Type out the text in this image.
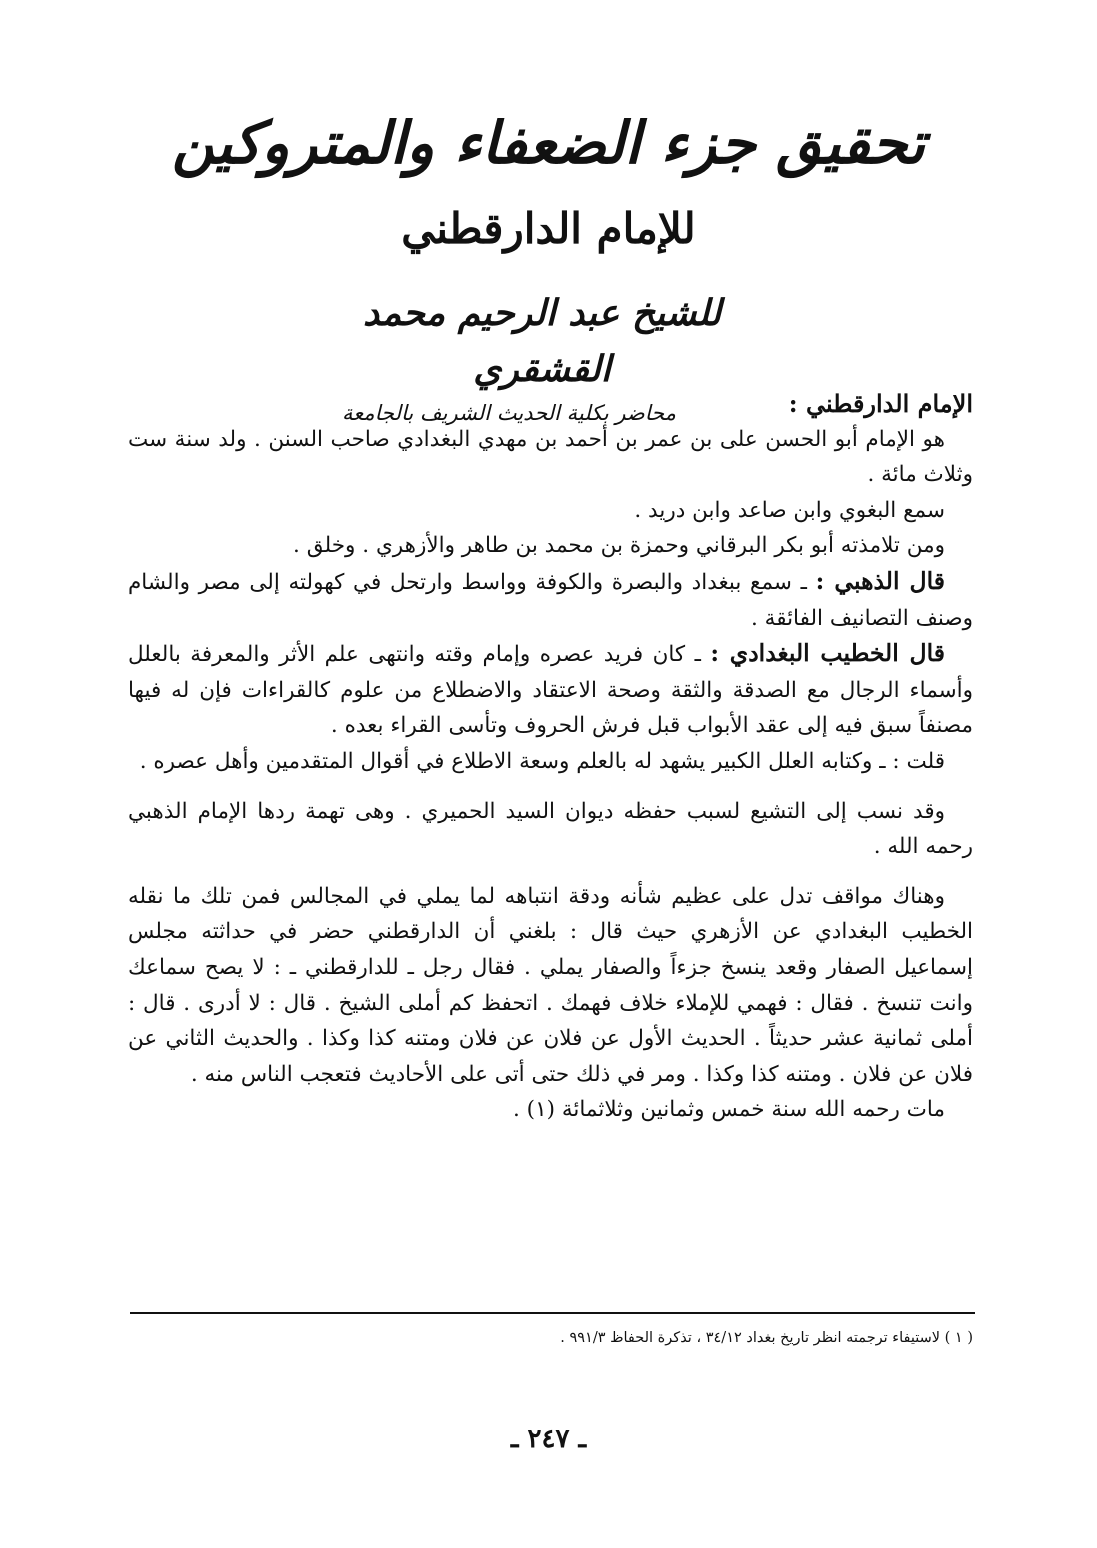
تحقيق جزء الضعفاء والمتروكين
للإمام الدارقطني
للشيخ عبد الرحيم محمد القشقري
محاضر بكلية الحديث الشريف بالجامعة	الإمام الدارقطني :

هو الإمام أبو الحسن على بن عمر بن أحمد بن مهدي البغدادي صاحب السنن . ولد سنة ست وثلاث مائة .

سمع البغوي وابن صاعد وابن دريد .

ومن تلامذته أبو بكر البرقاني وحمزة بن محمد بن طاهر والأزهري . وخلق .

قال الذهبي : ـ سمع ببغداد والبصرة والكوفة وواسط وارتحل في كهولته إلى مصر والشام وصنف التصانيف الفائقة .

قال الخطيب البغدادي : ـ كان فريد عصره وإمام وقته وانتهى علم الأثر والمعرفة بالعلل وأسماء الرجال مع الصدقة والثقة وصحة الاعتقاد والاضطلاع من علوم كالقراءات فإن له فيها مصنفاً سبق فيه إلى عقد الأبواب قبل فرش الحروف وتأسى القراء بعده .

قلت : ـ وكتابه العلل الكبير يشهد له بالعلم وسعة الاطلاع في أقوال المتقدمين وأهل عصره .

وقد نسب إلى التشيع لسبب حفظه ديوان السيد الحميري . وهى تهمة ردها الإمام الذهبي رحمه الله .

وهناك مواقف تدل على عظيم شأنه ودقة انتباهه لما يملي في المجالس فمن تلك ما نقله الخطيب البغدادي عن الأزهري حيث قال : بلغني أن الدارقطني حضر في حداثته مجلس إسماعيل الصفار وقعد ينسخ جزءاً والصفار يملي . فقال رجل ـ للدارقطني ـ : لا يصح سماعك وانت تنسخ . فقال : فهمي للإملاء خلاف فهمك . اتحفظ كم أملى الشيخ . قال : لا أدرى . قال : أملى ثمانية عشر حديثاً . الحديث الأول عن فلان عن فلان ومتنه كذا وكذا . والحديث الثاني عن فلان عن فلان . ومتنه كذا وكذا . ومر في ذلك حتى أتى على الأحاديث فتعجب الناس منه .

مات رحمه الله سنة خمس وثمانين وثلاثمائة (١) .

( ١ ) لاستيفاء ترجمته انظر تاريخ بغداد ٣٤/١٢ ، تذكرة الحفاظ ٩٩١/٣ .
ـ ٢٤٧ ـ
